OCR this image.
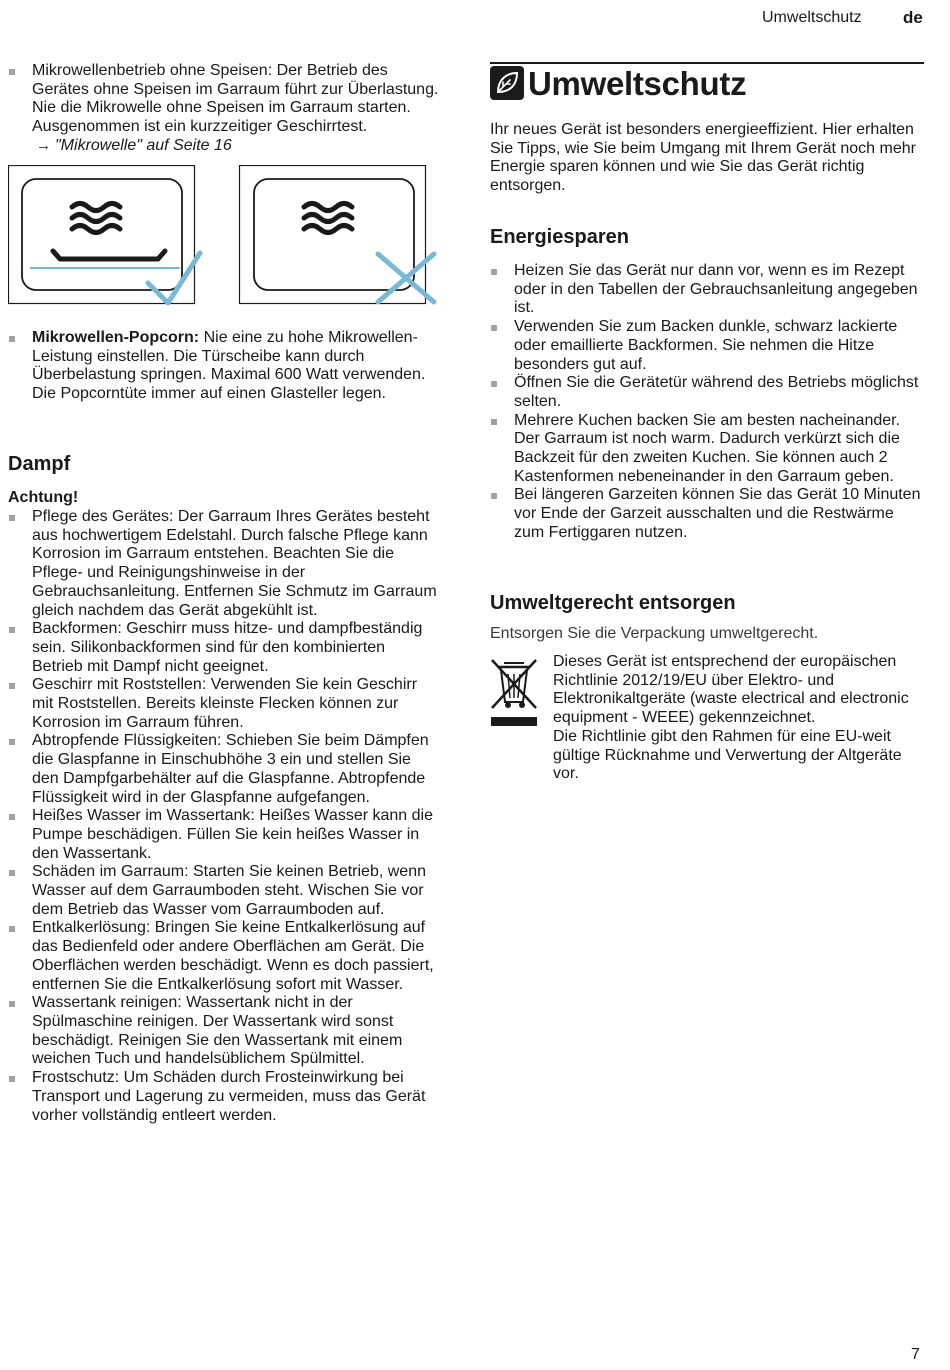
Umweltschutz de
Mikrowellenbetrieb ohne Speisen: Der Betrieb des Gerätes ohne Speisen im Garraum führt zur Überlastung. Nie die Mikrowelle ohne Speisen im Garraum starten. Ausgenommen ist ein kurzzeitiger Geschirrtest. → "Mikrowelle" auf Seite 16
Mikrowellen-Popcorn: Nie eine zu hohe Mikrowellen-Leistung einstellen. Die Türscheibe kann durch Überbelastung springen. Maximal 600 Watt verwenden. Die Popcorntüte immer auf einen Glasteller legen.
Dampf
Achtung!
Pflege des Gerätes: Der Garraum Ihres Gerätes besteht aus hochwertigem Edelstahl. Durch falsche Pflege kann Korrosion im Garraum entstehen. Beachten Sie die Pflege- und Reinigungshinweise in der Gebrauchsanleitung. Entfernen Sie Schmutz im Garraum gleich nachdem das Gerät abgekühlt ist.
Backformen: Geschirr muss hitze- und dampfbeständig sein. Silikonbackformen sind für den kombinierten Betrieb mit Dampf nicht geeignet.
Geschirr mit Roststellen: Verwenden Sie kein Geschirr mit Roststellen. Bereits kleinste Flecken können zur Korrosion im Garraum führen.
Abtropfende Flüssigkeiten: Schieben Sie beim Dämpfen die Glaspfanne in Einschubhöhe 3 ein und stellen Sie den Dampfgarbehälter auf die Glaspfanne. Abtropfende Flüssigkeit wird in der Glaspfanne aufgefangen.
Heißes Wasser im Wassertank: Heißes Wasser kann die Pumpe beschädigen. Füllen Sie kein heißes Wasser in den Wassertank.
Schäden im Garraum: Starten Sie keinen Betrieb, wenn Wasser auf dem Garraumboden steht. Wischen Sie vor dem Betrieb das Wasser vom Garraumboden auf.
Entkalkerlösung: Bringen Sie keine Entkalkerlösung auf das Bedienfeld oder andere Oberflächen am Gerät. Die Oberflächen werden beschädigt. Wenn es doch passiert, entfernen Sie die Entkalkerlösung sofort mit Wasser.
Wassertank reinigen: Wassertank nicht in der Spülmaschine reinigen. Der Wassertank wird sonst beschädigt. Reinigen Sie den Wassertank mit einem weichen Tuch und handelsüblichem Spülmittel.
Frostschutz: Um Schäden durch Frosteinwirkung bei Transport und Lagerung zu vermeiden, muss das Gerät vorher vollständig entleert werden.
Umweltschutz

Ihr neues Gerät ist besonders energieeffizient. Hier erhalten Sie Tipps, wie Sie beim Umgang mit Ihrem Gerät noch mehr Energie sparen können und wie Sie das Gerät richtig entsorgen.

Energiesparen
Heizen Sie das Gerät nur dann vor, wenn es im Rezept oder in den Tabellen der Gebrauchsanleitung angegeben ist.
Verwenden Sie zum Backen dunkle, schwarz lackierte oder emaillierte Backformen. Sie nehmen die Hitze besonders gut auf.
Öffnen Sie die Gerätetür während des Betriebs möglichst selten.
Mehrere Kuchen backen Sie am besten nacheinander. Der Garraum ist noch warm. Dadurch verkürzt sich die Backzeit für den zweiten Kuchen. Sie können auch 2 Kastenformen nebeneinander in den Garraum geben.
Bei längeren Garzeiten können Sie das Gerät 10 Minuten vor Ende der Garzeit ausschalten und die Restwärme zum Fertiggaren nutzen.
Umweltgerecht entsorgen

Entsorgen Sie die Verpackung umweltgerecht.

Dieses Gerät ist entsprechend der europäischen Richtlinie 2012/19/EU über Elektro- und Elektronikaltgeräte (waste electrical and electronic equipment - WEEE) gekennzeichnet.

Die Richtlinie gibt den Rahmen für eine EU-weit gültige Rücknahme und Verwertung der Altgeräte vor.

7
